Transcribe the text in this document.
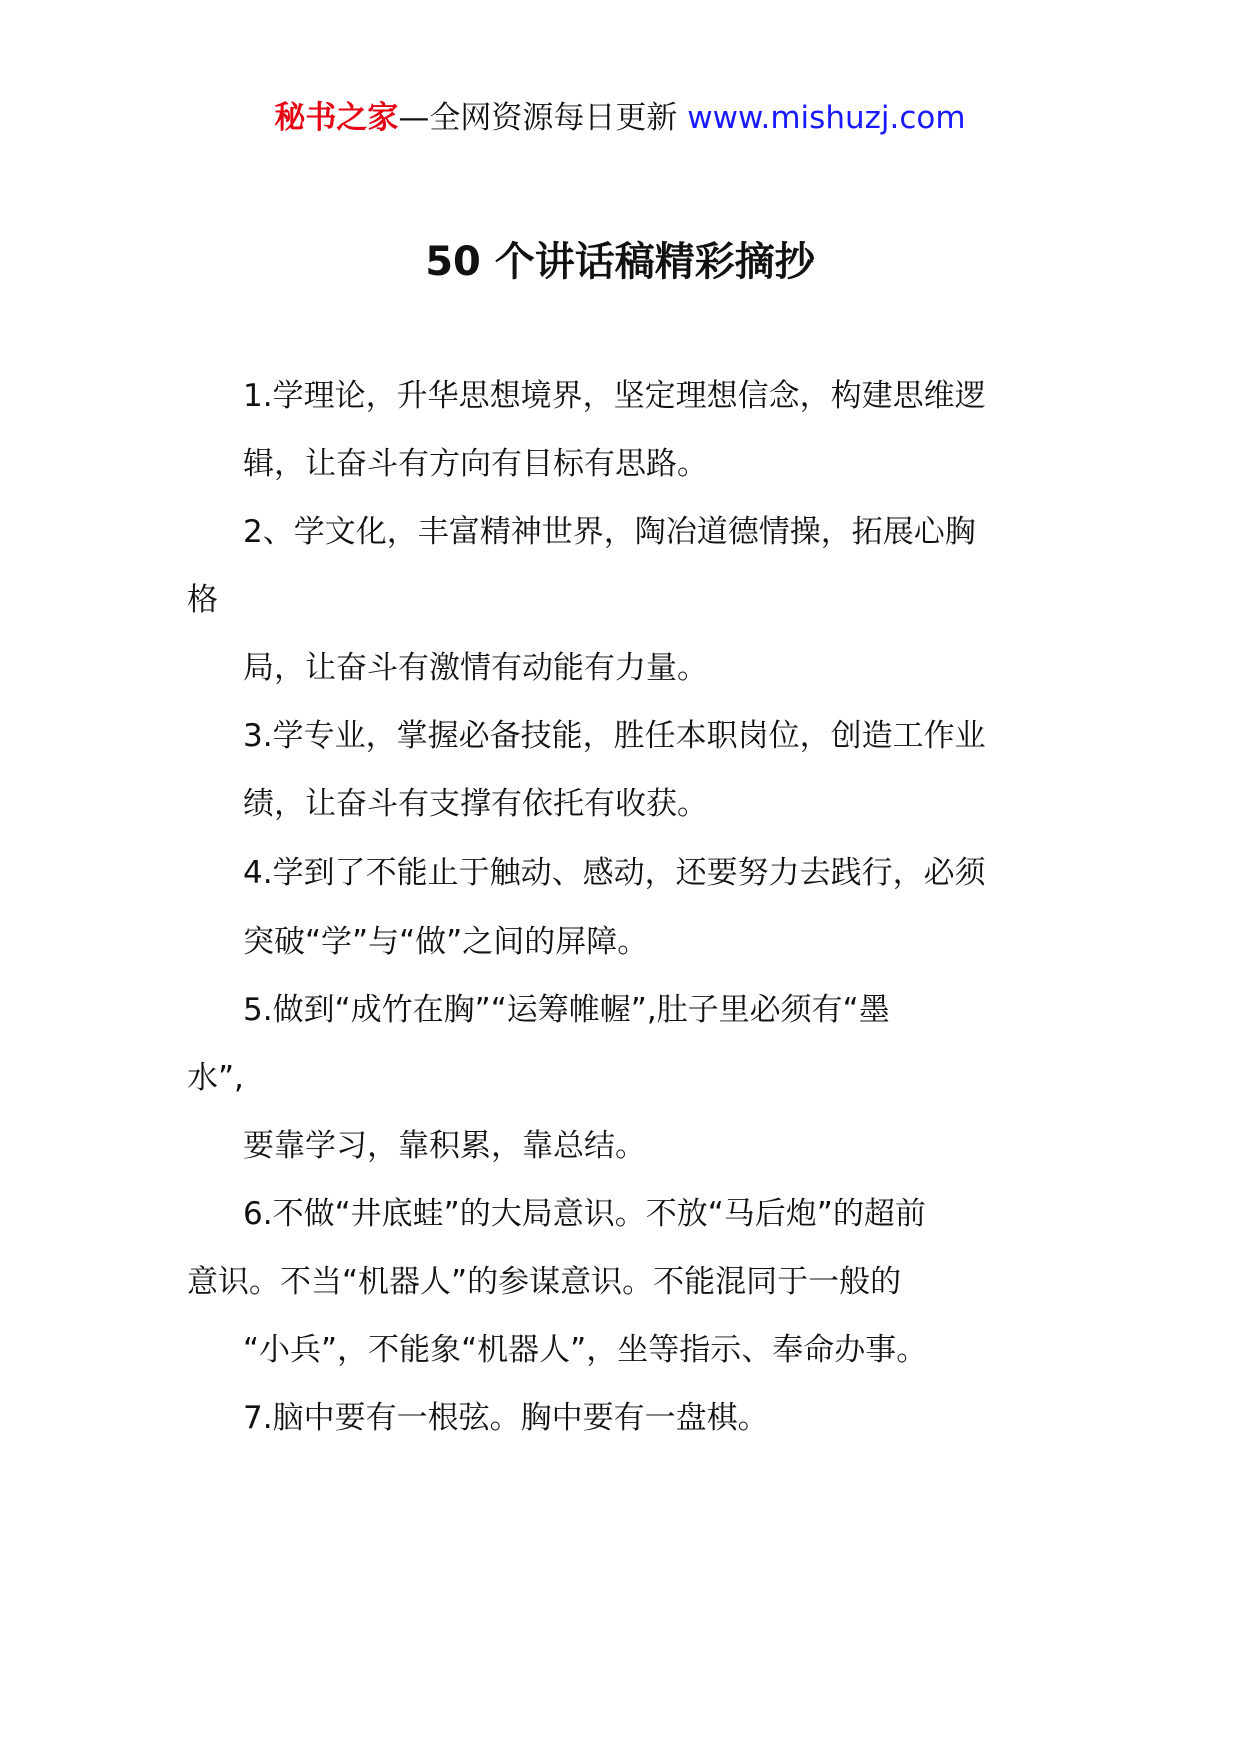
秘书之家—全网资源每日更新 www.mishuzj.com
50 个讲话稿精彩摘抄
1.学理论，升华思想境界，坚定理想信念，构建思维逻
辑，让奋斗有方向有目标有思路。
2、学文化，丰富精神世界，陶冶道德情操，拓展心胸
格
局，让奋斗有激情有动能有力量。
3.学专业，掌握必备技能，胜任本职岗位，创造工作业
绩，让奋斗有支撑有依托有收获。
4.学到了不能止于触动、感动，还要努力去践行，必须
突破“学”与“做”之间的屏障。
5.做到“成竹在胸”“运筹帷幄”,肚子里必须有“墨
水”,
要靠学习，靠积累，靠总结。
6.不做“井底蛙”的大局意识。不放“马后炮”的超前
意识。不当“机器人”的参谋意识。不能混同于一般的
“小兵”，不能象“机器人”，坐等指示、奉命办事。
7.脑中要有一根弦。胸中要有一盘棋。
